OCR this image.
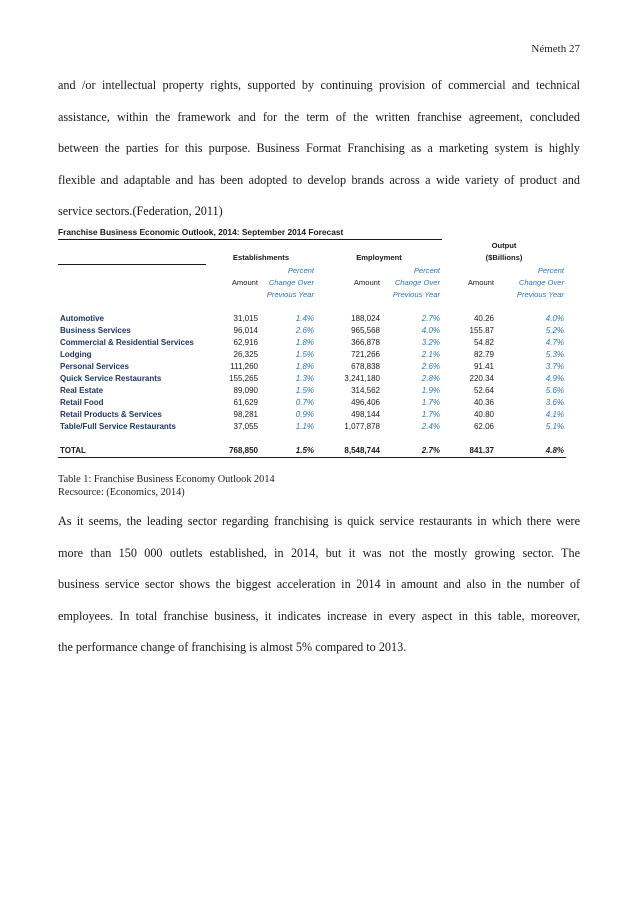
Németh 27
and /or intellectual property rights, supported by continuing provision of commercial and technical
assistance, within the framework and for the term of the written franchise agreement, concluded
between the parties for this purpose. Business Format Franchising as a marketing system is highly
flexible and adaptable and has been adopted to develop brands across a wide variety of product and
service sectors.(Federation, 2011)
Franchise Business Economic Outlook, 2014: September 2014 Forecast
					Output	
	Establishments		Employment		($Billions)	
		Percent		Percent		Percent
	Amount	Change Over	Amount	Change Over	Amount	Change Over
		Previous Year		Previous Year		Previous Year

Automotive	31,015	1.4%	188,024	2.7%	40.26	4.0%
Business Services	96,014	2.6%	965,568	4.0%	155.87	5.2%
Commercial & Residential Services	62,916	1.8%	366,878	3.2%	54.82	4.7%
Lodging	26,325	1.5%	721,266	2.1%	82.79	5.3%
Personal Services	111,260	1.8%	678,838	2.6%	91.41	3.7%
Quick Service Restaurants	155,265	1.3%	3,241,180	2.8%	220.34	4.9%
Real Estate	89,090	1.5%	314,562	1.9%	52.64	5.6%
Retail Food	61,629	0.7%	496,406	1.7%	40.36	3.6%
Retail Products & Services	98,281	0.9%	498,144	1.7%	40.80	4.1%
Table/Full Service Restaurants	37,055	1.1%	1,077,878	2.4%	62.06	5.1%

TOTAL	768,850	1.5%	8,548,744	2.7%	841.37	4.8%
Table 1: Franchise Business Economy Outlook 2014
Recsource: (Economics, 2014)
As it seems, the leading sector regarding franchising is quick service restaurants in which there were
more than 150 000 outlets established, in 2014, but it was not the mostly growing sector. The
business service sector shows the biggest acceleration in 2014 in amount and also in the number of
employees. In total franchise business, it indicates increase in every aspect in this table, moreover,
the performance change of franchising is almost 5% compared to 2013.
